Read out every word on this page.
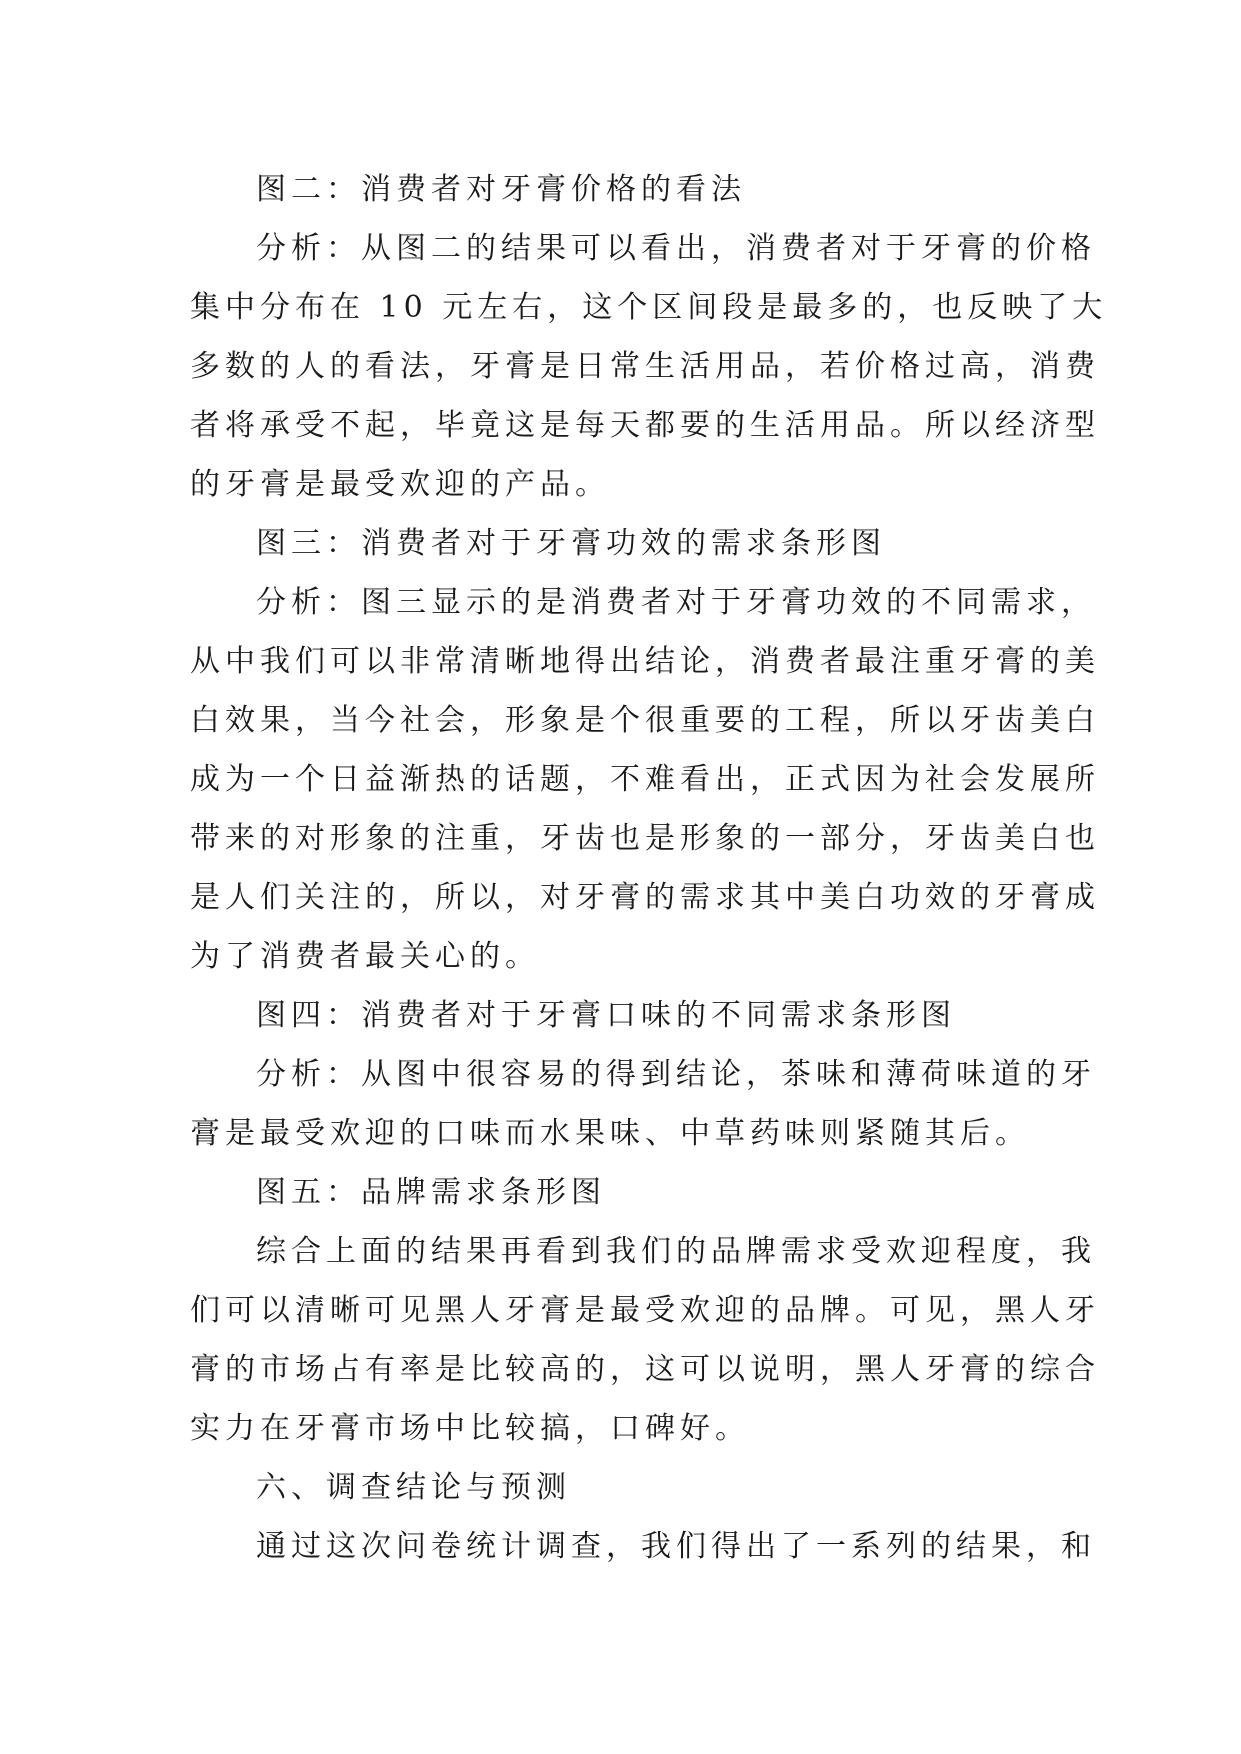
图二：消费者对牙膏价格的看法
分析：从图二的结果可以看出，消费者对于牙膏的价格
集中分布在 10 元左右，这个区间段是最多的，也反映了大
多数的人的看法，牙膏是日常生活用品，若价格过高，消费
者将承受不起，毕竟这是每天都要的生活用品。所以经济型
的牙膏是最受欢迎的产品。
图三：消费者对于牙膏功效的需求条形图
分析：图三显示的是消费者对于牙膏功效的不同需求，
从中我们可以非常清晰地得出结论，消费者最注重牙膏的美
白效果，当今社会，形象是个很重要的工程，所以牙齿美白
成为一个日益渐热的话题，不难看出，正式因为社会发展所
带来的对形象的注重，牙齿也是形象的一部分，牙齿美白也
是人们关注的，所以，对牙膏的需求其中美白功效的牙膏成
为了消费者最关心的。
图四：消费者对于牙膏口味的不同需求条形图
分析：从图中很容易的得到结论，茶味和薄荷味道的牙
膏是最受欢迎的口味而水果味、中草药味则紧随其后。
图五：品牌需求条形图
综合上面的结果再看到我们的品牌需求受欢迎程度，我
们可以清晰可见黑人牙膏是最受欢迎的品牌。可见，黑人牙
膏的市场占有率是比较高的，这可以说明，黑人牙膏的综合
实力在牙膏市场中比较搞，口碑好。
六、调查结论与预测
通过这次问卷统计调查，我们得出了一系列的结果，和
